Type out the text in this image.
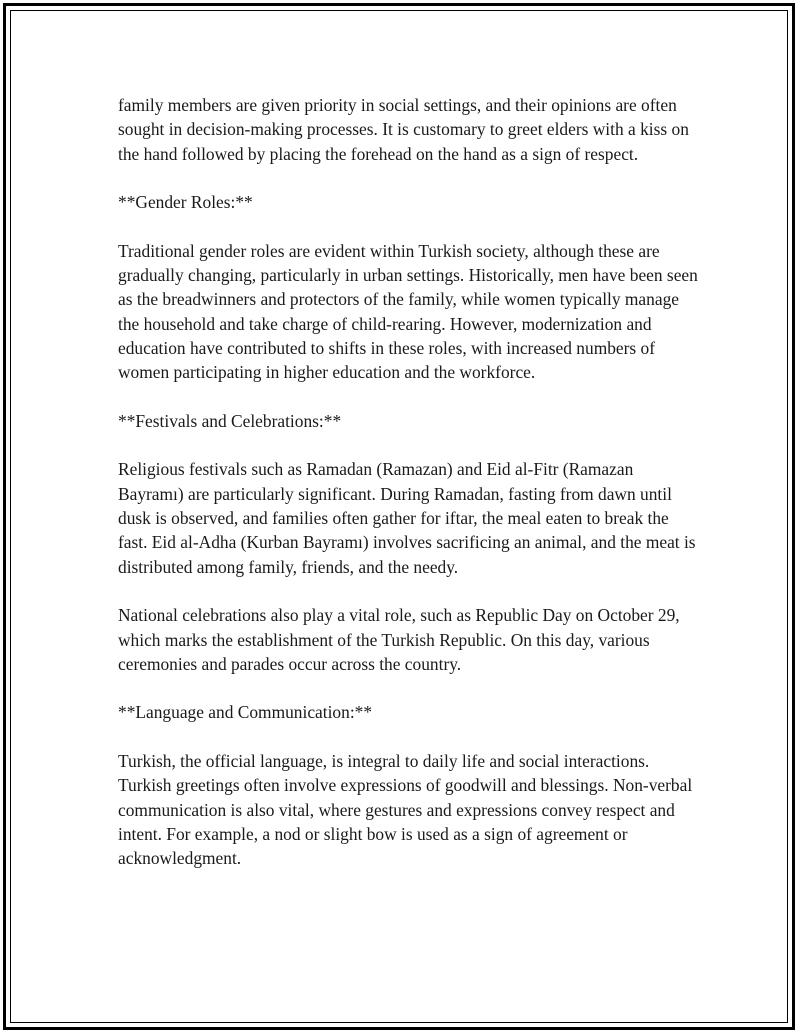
family members are given priority in social settings, and their opinions are often sought in decision-making processes. It is customary to greet elders with a kiss on the hand followed by placing the forehead on the hand as a sign of respect.

**Gender Roles:**

Traditional gender roles are evident within Turkish society, although these are gradually changing, particularly in urban settings. Historically, men have been seen as the breadwinners and protectors of the family, while women typically manage the household and take charge of child-rearing. However, modernization and education have contributed to shifts in these roles, with increased numbers of women participating in higher education and the workforce.

**Festivals and Celebrations:**

Religious festivals such as Ramadan (Ramazan) and Eid al-Fitr (Ramazan Bayramı) are particularly significant. During Ramadan, fasting from dawn until dusk is observed, and families often gather for iftar, the meal eaten to break the fast. Eid al-Adha (Kurban Bayramı) involves sacrificing an animal, and the meat is distributed among family, friends, and the needy.

National celebrations also play a vital role, such as Republic Day on October 29, which marks the establishment of the Turkish Republic. On this day, various ceremonies and parades occur across the country.

**Language and Communication:**

Turkish, the official language, is integral to daily life and social interactions. Turkish greetings often involve expressions of goodwill and blessings. Non-verbal communication is also vital, where gestures and expressions convey respect and intent. For example, a nod or slight bow is used as a sign of agreement or acknowledgment.
